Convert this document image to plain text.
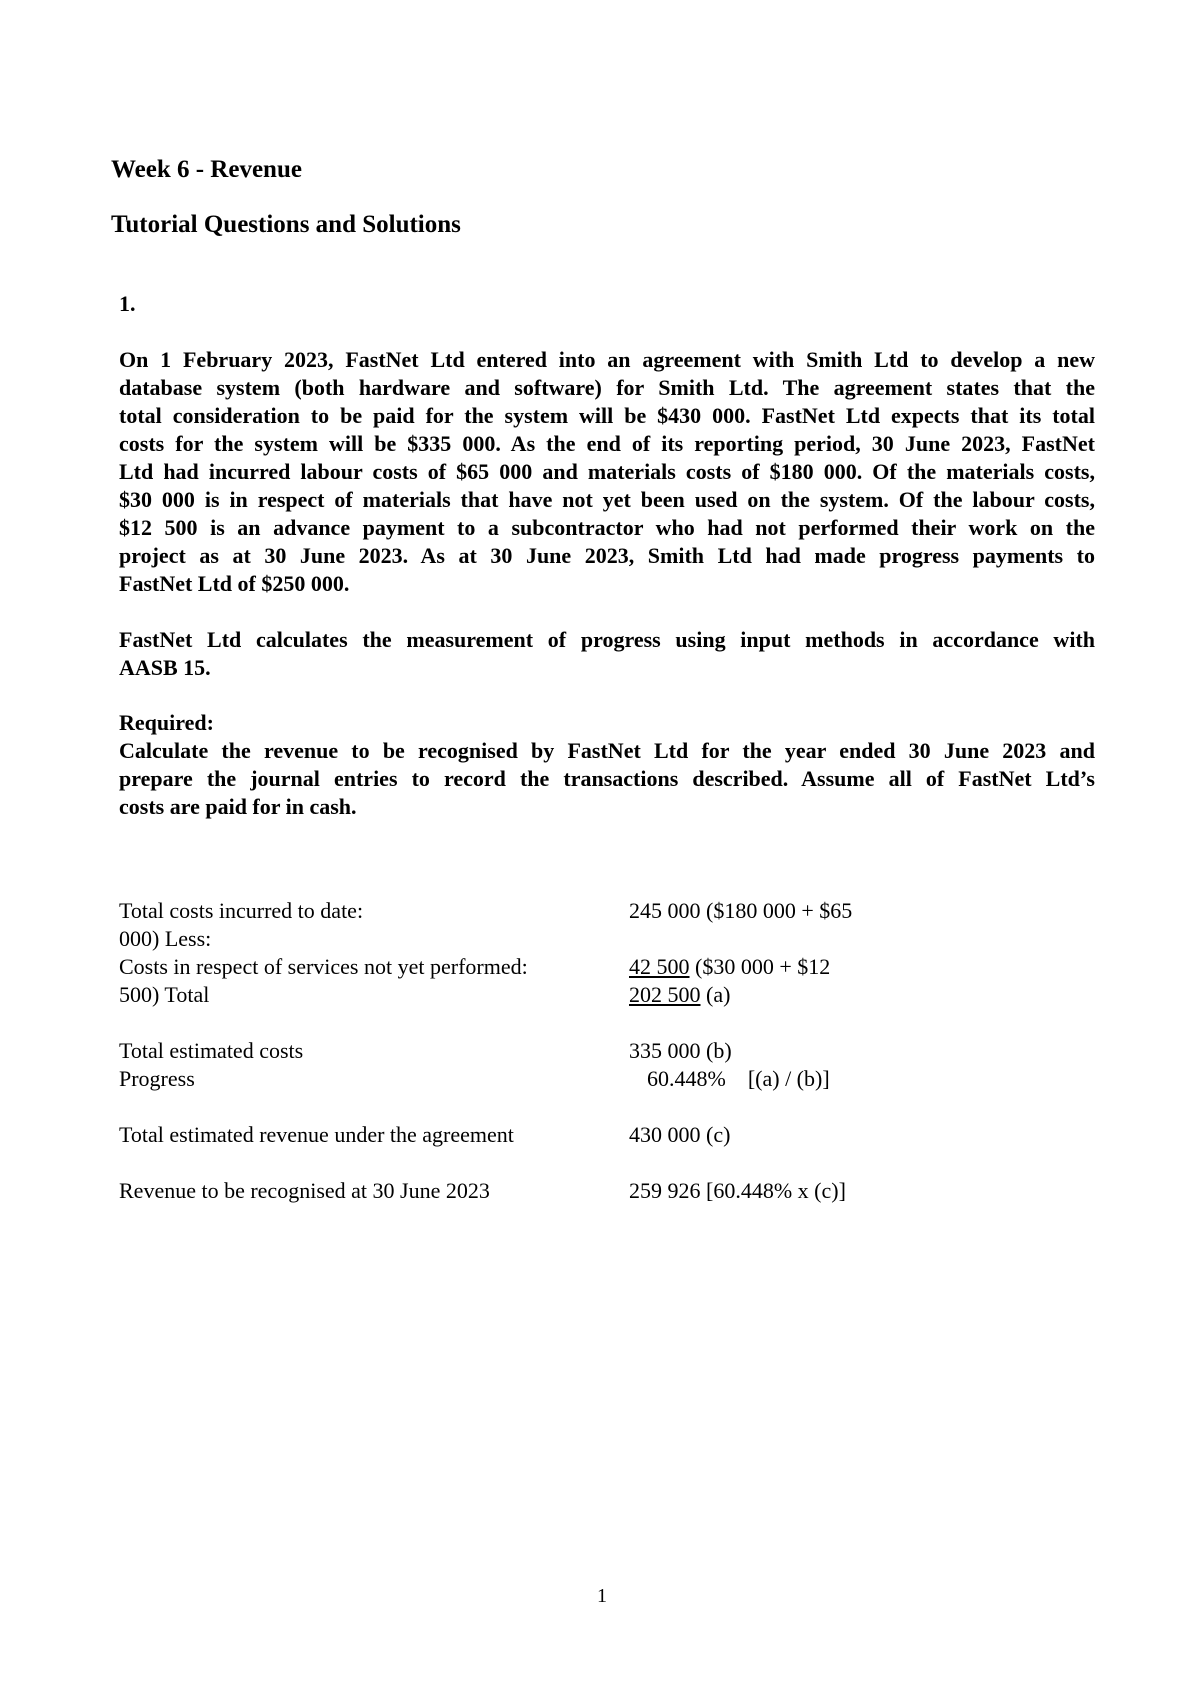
Week 6 - Revenue
Tutorial Questions and Solutions
1.
On 1 February 2023, FastNet Ltd entered into an agreement with Smith Ltd to develop a new
database system (both hardware and software) for Smith Ltd. The agreement states that the
total consideration to be paid for the system will be $430 000. FastNet Ltd expects that its total
costs for the system will be $335 000. As the end of its reporting period, 30 June 2023, FastNet
Ltd had incurred labour costs of $65 000 and materials costs of $180 000. Of the materials costs,
$30 000 is in respect of materials that have not yet been used on the system. Of the labour costs,
$12 500 is an advance payment to a subcontractor who had not performed their work on the
project as at 30 June 2023. As at 30 June 2023, Smith Ltd had made progress payments to
FastNet Ltd of $250 000.
FastNet Ltd calculates the measurement of progress using input methods in accordance with
AASB 15.
Required:
Calculate the revenue to be recognised by FastNet Ltd for the year ended 30 June 2023 and
prepare the journal entries to record the transactions described. Assume all of FastNet Ltd’s
costs are paid for in cash.
Total costs incurred to date:	245 000 ($180 000 + $65
000) Less:
Costs in respect of services not yet performed:	42 500 ($30 000 + $12
500) Total	202 500 (a)
Total estimated costs	335 000 (b)
Progress	60.448% [(a) / (b)]
Total estimated revenue under the agreement	430 000 (c)
Revenue to be recognised at 30 June 2023	259 926 [60.448% x (c)]
1
